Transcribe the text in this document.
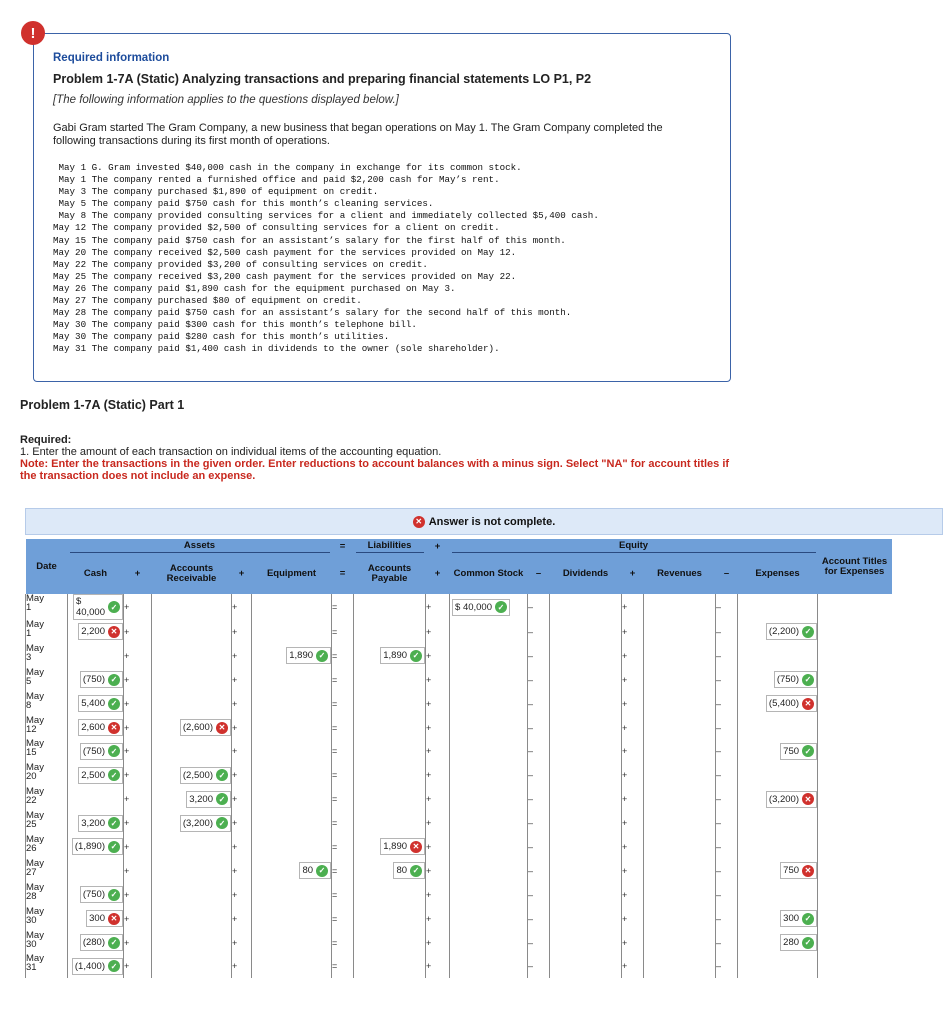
!

Required information

Problem 1-7A (Static) Analyzing transactions and preparing financial statements LO P1, P2

[The following information applies to the questions displayed below.]

Gabi Gram started The Gram Company, a new business that began operations on May 1. The Gram Company completed the following transactions during its first month of operations.

May 1 G. Gram invested $40,000 cash in the company in exchange for its common stock.
May 1 The company rented a furnished office and paid $2,200 cash for May’s rent.
May 3 The company purchased $1,890 of equipment on credit.
May 5 The company paid $750 cash for this month’s cleaning services.
May 8 The company provided consulting services for a client and immediately collected $5,400 cash.
May 12 The company provided $2,500 of consulting services for a client on credit.
May 15 The company paid $750 cash for an assistant’s salary for the first half of this month.
May 20 The company received $2,500 cash payment for the services provided on May 12.
May 22 The company provided $3,200 of consulting services on credit.
May 25 The company received $3,200 cash payment for the services provided on May 22.
May 26 The company paid $1,890 cash for the equipment purchased on May 3.
May 27 The company purchased $80 of equipment on credit.
May 28 The company paid $750 cash for an assistant’s salary for the second half of this month.
May 30 The company paid $300 cash for this month’s telephone bill.
May 30 The company paid $280 cash for this month’s utilities.
May 31 The company paid $1,400 cash in dividends to the owner (sole shareholder).

Problem 1-7A (Static) Part 1

Required:
1. Enter the amount of each transaction on individual items of the accounting equation.
Note: Enter the transactions in the given order. Enter reductions to account balances with a minus sign. Select "NA" for account titles if the transaction does not include an expense.
✕ Answer is not complete.
Date	Assets					=	Liabilities	+	Equity							Account Titles for Expenses
	Cash	+	Accounts Receivable	+	Equipment	=	Accounts Payable	+	Common Stock	–	Dividends	+	Revenues	–	Expenses	
May
1	$
40,000 ✓	+		+		=		+	$ 40,000 ✓	–		+		–		
May
1	2,200 ✕	+		+		=		+		–		+		–	(2,200) ✓	

May
3		+		+	1,890 ✓	=	1,890 ✓	+		–		+		–		
May
5	(750) ✓	+		+		=		+		–		+		–	(750) ✓	

May
8	5,400 ✓	+		+		=		+		–		+		–	(5,400) ✕	

May
12	2,600 ✕	+	(2,600) ✕	+		=		+		–		+		–		
May
15	(750) ✓	+		+		=		+		–		+		–	750 ✓	

May
20	2,500 ✓	+	(2,500) ✓	+		=		+		–		+		–		
May
22		+	3,200 ✓	+		=		+		–		+		–	(3,200) ✕	

May
25	3,200 ✓	+	(3,200) ✓	+		=		+		–		+		–		
May
26	(1,890) ✓	+		+		=	1,890 ✕	+		–		+		–		
May
27		+		+	80 ✓	=	80 ✓	+		–		+		–	750 ✕	

May
28	(750) ✓	+		+		=		+		–		+		–		
May
30	300 ✕	+		+		=		+		–		+		–	300 ✓	

May
30	(280) ✓	+		+		=		+		–		+		–	280 ✓	

May
31	(1,400) ✓	+		+		=		+		–		+		–		
